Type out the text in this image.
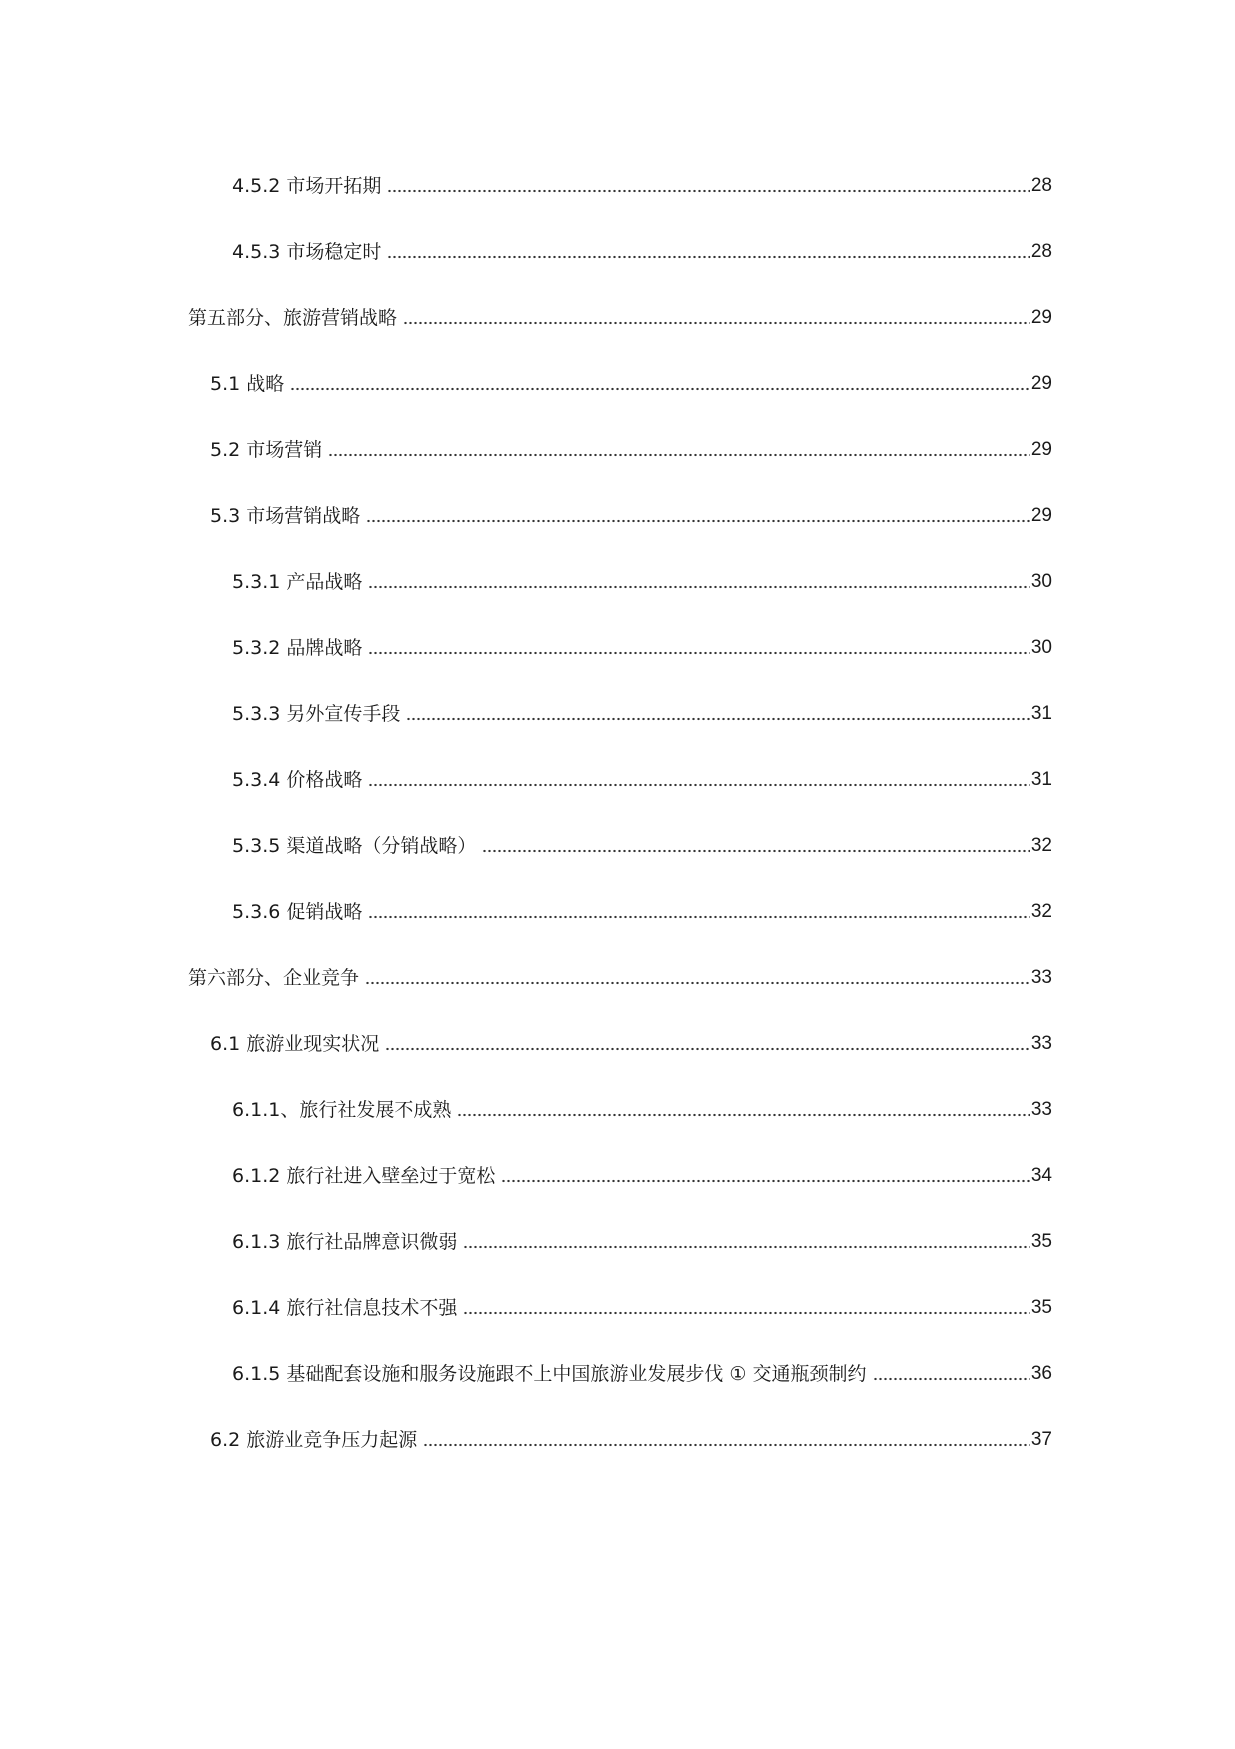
4.5.2 市场开拓期	28
4.5.3 市场稳定时	28
第五部分、旅游营销战略	29
5.1 战略	29
5.2 市场营销	29
5.3 市场营销战略	29
5.3.1 产品战略	30
5.3.2 品牌战略	30
5.3.3 另外宣传手段	31
5.3.4 价格战略	31
5.3.5 渠道战略（分销战略）	32
5.3.6 促销战略	32
第六部分、企业竞争	33
6.1 旅游业现实状况	33
6.1.1、旅行社发展不成熟	33
6.1.2 旅行社进入壁垒过于宽松	34
6.1.3 旅行社品牌意识微弱	35
6.1.4 旅行社信息技术不强	35
6.1.5 基础配套设施和服务设施跟不上中国旅游业发展步伐 ① 交通瓶颈制约	36
6.2 旅游业竞争压力起源	37
